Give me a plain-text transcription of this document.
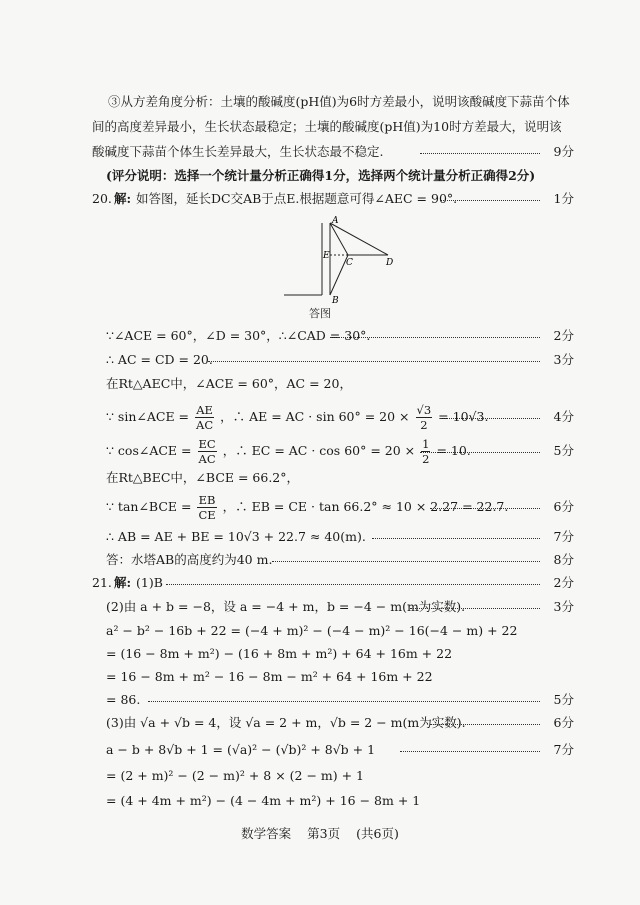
③从方差角度分析：土壤的酸碱度(pH值)为6时方差最小，说明该酸碱度下蒜苗个体
间的高度差异最小，生长状态最稳定；土壤的酸碱度(pH值)为10时方差最大，说明该
酸碱度下蒜苗个体生长差异最大，生长状态最不稳定.	9分
(评分说明：选择一个统计量分析正确得1分，选择两个统计量分析正确得2分)
20. 解: 如答图，延长DC交AB于点E.根据题意可得∠AEC = 90°.	1分
A
B
C	D
E
答图
∵∠ACE = 60°，∠D = 30°，∴∠CAD = 30°.	2分
∴ AC = CD = 20.	3分
在Rt△AEC中，∠ACE = 60°，AC = 20，
∵ sin∠ACE = $\frac{AE}{AC}$ ，∴ AE = AC · $\sin 60^\circ = 20 \times \frac{√3}{2} = 10√3$.	4分
∵ cos∠ACE = $\frac{EC}{AC}$ ，∴ EC = AC · $\cos 60^\circ = 20 \times \frac{1}{2} = 10$.	5分
在Rt△BEC中，∠BCE = 66.2°，
∵ tan∠BCE = $\frac{EB}{CE}$ ，∴ EB = CE · tan 66.2° ≈ 10 × 2.27 = 22.7.	6分
∴ AB = AE + BE = 10√3 + 22.7 ≈ 40(m).	7分
答：水塔AB的高度约为40 m.	8分
21. 解: (1)B	2分
(2)由 a + b = −8，设 a = −4 + m，b = −4 − m(m为实数).	3分
a² − b² − 16b + 22 = (−4 + m)² − (−4 − m)² − 16(−4 − m) + 22
= (16 − 8m + m²) − (16 + 8m + m²) + 64 + 16m + 22
= 16 − 8m + m² − 16 − 8m − m² + 64 + 16m + 22
= 86.	5分
(3)由 √a + √b = 4，设 √a = 2 + m，√b = 2 − m(m为实数).	6分
a − b + 8√b + 1 = (√a)² − (√b)² + 8√b + 1	7分
= (2 + m)² − (2 − m)² + 8 × (2 − m) + 1
= (4 + 4m + m²) − (4 − 4m + m²) + 16 − 8m + 1
数学答案 第3页 (共6页)
